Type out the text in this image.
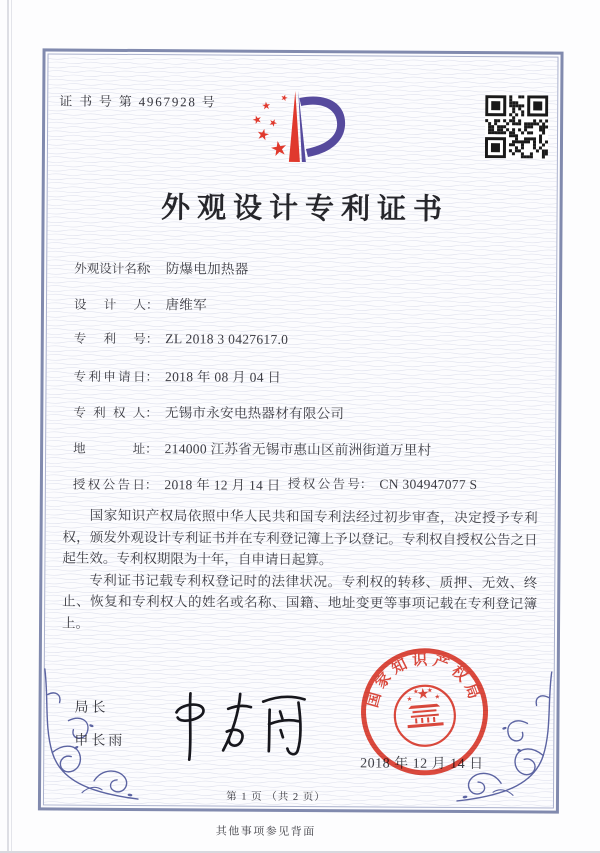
证 书 号 第 4967928 号
外观设计专利证书
外观设计名称： 防爆电加热器
设计人： 唐维军
专利号： ZL 2018 3 0427617.0
专利申请日： 2018 年 08 月 04 日
专利权人： 无锡市永安电热器材有限公司
地址： 214000 江苏省无锡市惠山区前洲街道万里村
授权公告日： 2018 年 12 月 14 日 授权公告号： CN 304947077 S

国家知识产权局依照中华人民共和国专利法经过初步审查，决定授予专利权，颁发外观设计专利证书并在专利登记簿上予以登记。专利权自授权公告之日起生效。专利权期限为十年，自申请日起算。

专利证书记载专利权登记时的法律状况。专利权的转移、质押、无效、终止、恢复和专利权人的姓名或名称、国籍、地址变更等事项记载在专利登记簿上。

局长
申长雨
2018 年 12 月 14 日
国家知识产权局
第 1 页 （共 2 页）
其他事项参见背面
